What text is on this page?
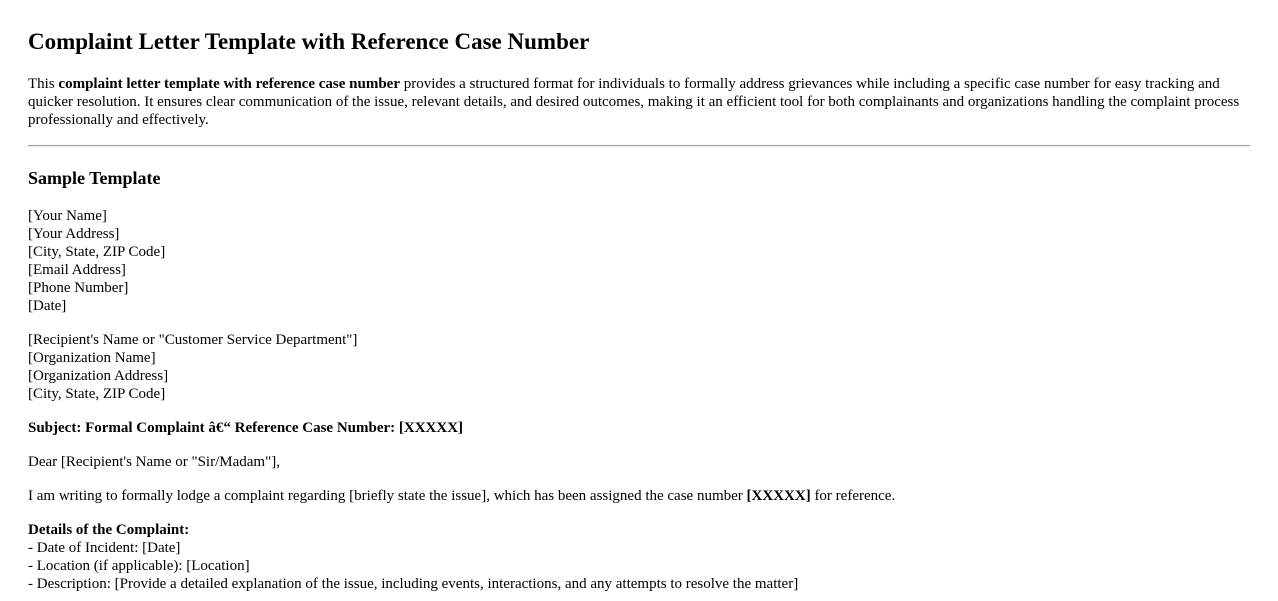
Complaint Letter Template with Reference Case Number

This complaint letter template with reference case number provides a structured format for individuals to formally address grievances while including a specific case number for easy tracking and quicker resolution. It ensures clear communication of the issue, relevant details, and desired outcomes, making it an efficient tool for both complainants and organizations handling the complaint process professionally and effectively.

Sample Template
[Your Name]
[Your Address]
[City, State, ZIP Code]
[Email Address]
[Phone Number]
[Date]
[Recipient's Name or "Customer Service Department"]
[Organization Name]
[Organization Address]
[City, State, ZIP Code]
Subject: Formal Complaint â€“ Reference Case Number: [XXXXX]
Dear [Recipient's Name or "Sir/Madam"],
I am writing to formally lodge a complaint regarding [briefly state the issue], which has been assigned the case number [XXXXX] for reference.
Details of the Complaint:
- Date of Incident: [Date]
- Location (if applicable): [Location]
- Description: [Provide a detailed explanation of the issue, including events, interactions, and any attempts to resolve the matter]
